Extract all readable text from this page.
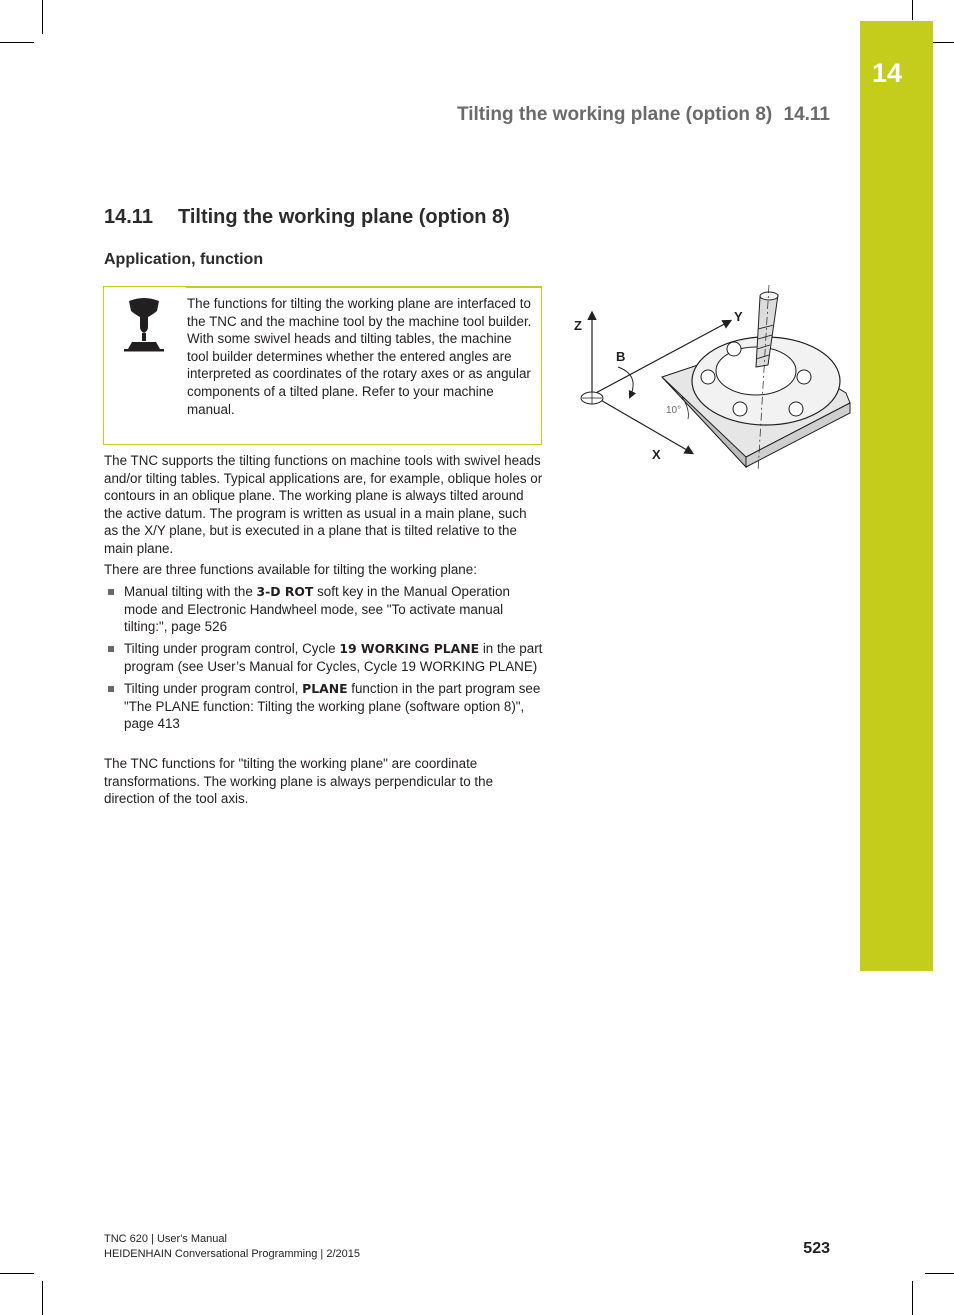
14
Tilting the working plane (option 8) 14.11
14.11 Tilting the working plane (option 8)
Application, function
The functions for tilting the working plane are interfaced to the TNC and the machine tool by the machine tool builder. With some swivel heads and tilting tables, the machine tool builder determines whether the entered angles are interpreted as coordinates of the rotary axes or as angular components of a tilted plane. Refer to your machine manual.
The TNC supports the tilting functions on machine tools with swivel heads and/or tilting tables. Typical applications are, for example, oblique holes or contours in an oblique plane. The working plane is always tilted around the active datum. The program is written as usual in a main plane, such as the X/Y plane, but is executed in a plane that is tilted relative to the main plane.
There are three functions available for tilting the working plane:
Manual tilting with the 3-D ROT soft key in the Manual Operation mode and Electronic Handwheel mode, see "To activate manual tilting:", page 526
Tilting under program control, Cycle 19 WORKING PLANE in the part program (see User’s Manual for Cycles, Cycle 19 WORKING PLANE)
Tilting under program control, PLANE function in the part program see "The PLANE function: Tilting the working plane (software option 8)", page 413
The TNC functions for "tilting the working plane" are coordinate transformations. The working plane is always perpendicular to the direction of the tool axis.
Z
Y
B
X
10°
TNC 620 | User's Manual
HEIDENHAIN Conversational Programming | 2/2015	523
